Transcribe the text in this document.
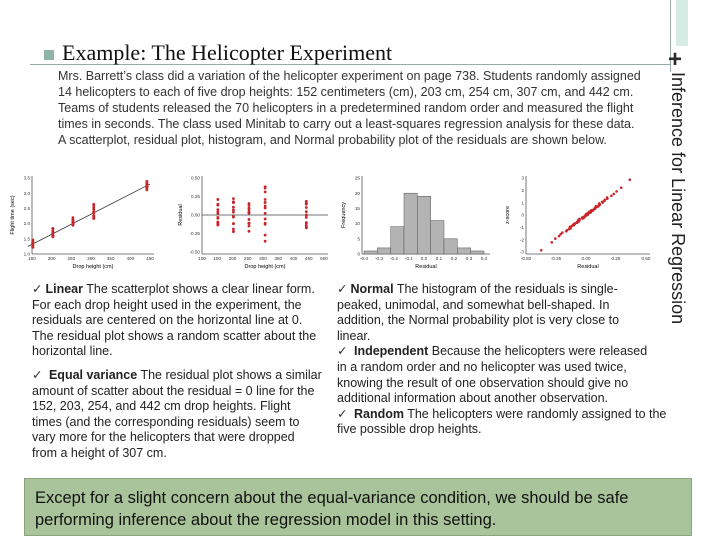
+
Example: The Helicopter Experiment
Inference for Linear Regression
Mrs. Barrett’s class did a variation of the helicopter experiment on page 738. Students randomly assigned 14 helicopters to each of five drop heights: 152 centimeters (cm), 203 cm, 254 cm, 307 cm, and 442 cm. Teams of students released the 70 helicopters in a predetermined random order and measured the flight times in seconds. The class used Minitab to carry out a least-squares regression analysis for these data. A scatterplot, residual plot, histogram, and Normal probability plot of the residuals are shown below.
3.5
3.0
2.5
2.0
1.5
1.0
150	200	250	300	350	400	450
Flight time (sec)
Drop height (cm)
0.50
0.25
0.00
-0.25
-0.50
100 150 200 250 300 350 400 450 500
Residual
Drop height (cm)
25
20
15
10
5
0
-0.4 -0.3 -0.2 -0.1 0.0 0.1 0.2 0.3 0.4
Frequency
Residual
3
2
1
0
-1
-2
-3
-0.50	-0.25	0.00	0.25	0.50
z-score
Residual

✓ Linear The scatterplot shows a clear linear form. For each drop height used in the experiment, the residuals are centered on the horizontal line at 0. The residual plot shows a random scatter about the horizontal line.

✓ Equal variance The residual plot shows a similar amount of scatter about the residual = 0 line for the 152, 203, 254, and 442 cm drop heights. Flight times (and the corresponding residuals) seem to vary more for the helicopters that were dropped from a height of 307 cm.

✓ Normal The histogram of the residuals is single-peaked, unimodal, and somewhat bell-shaped. In addition, the Normal probability plot is very close to linear.

✓ Independent Because the helicopters were released in a random order and no helicopter was used twice, knowing the result of one observation should give no additional information about another observation.

✓ Random The helicopters were randomly assigned to the five possible drop heights.

Except for a slight concern about the equal-variance condition, we should be safe performing inference about the regression model in this setting.
